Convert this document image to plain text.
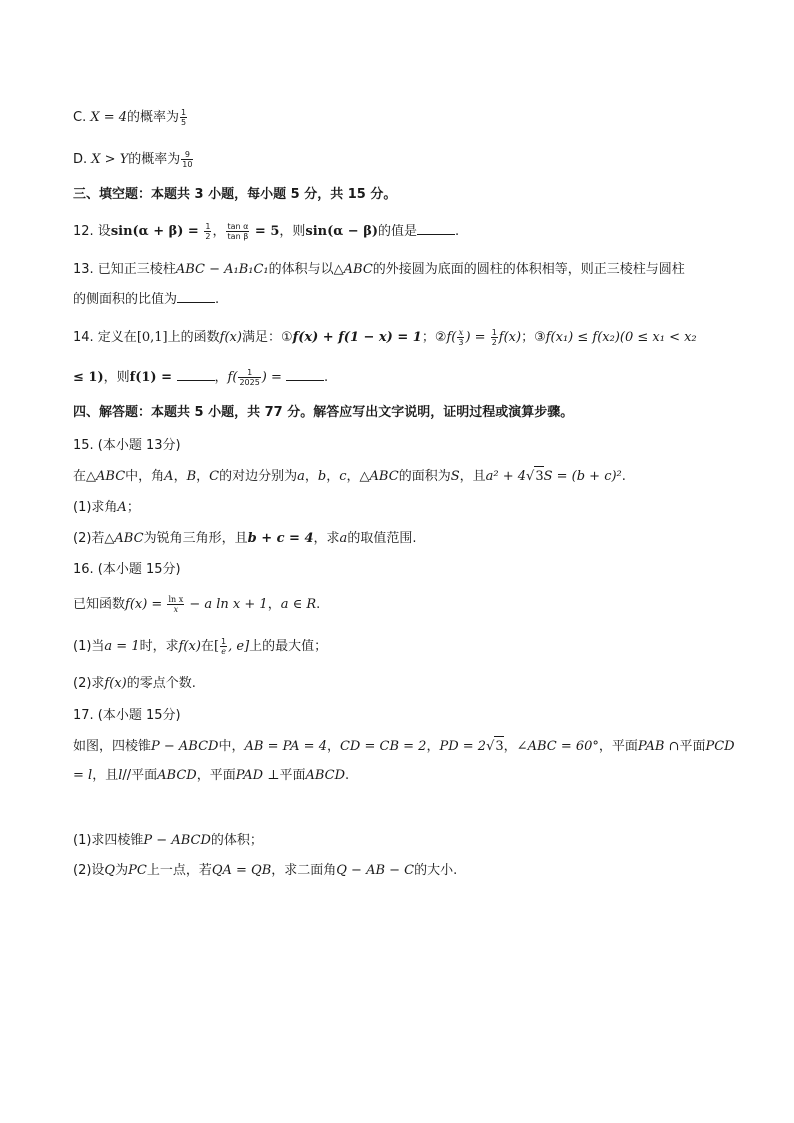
C. X = 4的概率为 $\frac{1}{5}$
D. X > Y的概率为 $\frac{9}{10}$
三、填空题：本题共 3 小题，每小题 5 分，共 15 分。
12. 设$\sin(\alpha + \beta) = \frac{1}{2}$ ， $\frac{\text{tan α}}{\text{tan β}} = 5$，则sin(α − β)的值是	.
13. 已知正三棱柱ABC − A₁B₁C₁的体积与以△ABC的外接圆为底面的圆柱的体积相等，则正三棱柱与圆柱
的侧面积的比值为	.
14. 定义在[0,1]上的函数f(x)满足：①f(x) + f(1 − x) = 1；②f( $\frac{x}{3}$ ) = $\frac{1}{2} f(x)$；③f(x₁) ≤ f(x₂)(0 ≤ x₁ < x₂
≤ 1)，则f(1) =	，$f( \frac{1}{2025}$ ) =	.
四、解答题：本题共 5 小题，共 77 分。解答应写出文字说明，证明过程或演算步骤。
15. (本小题 13分)
在△ABC中，角A，B，C的对边分别为a，b，c，△ABC的面积为S，且a² + 4√3S = (b + c)².
(1)求角A；
(2)若△ABC为锐角三角形，且b + c = 4，求a的取值范围.
16. (本小题 15分)
已知函数$f(x) = \frac{\text{ln x}}{x} - a$ ln x + 1，a ∈ R.
(1)当a = 1时，求f(x)在[ $\frac{1}{e}$ , e]上的最大值；
(2)求f(x)的零点个数.
17. (本小题 15分)
如图，四棱锥P − ABCD中，AB = PA = 4，CD = CB = 2，PD = 2√3，∠ABC = 60°，平面PAB ∩平面PCD
= l，且l//平面ABCD，平面PAD ⊥平面ABCD.
(1)求四棱锥P − ABCD的体积；
(2)设Q为PC上一点，若QA = QB，求二面角Q − AB − C的大小.
